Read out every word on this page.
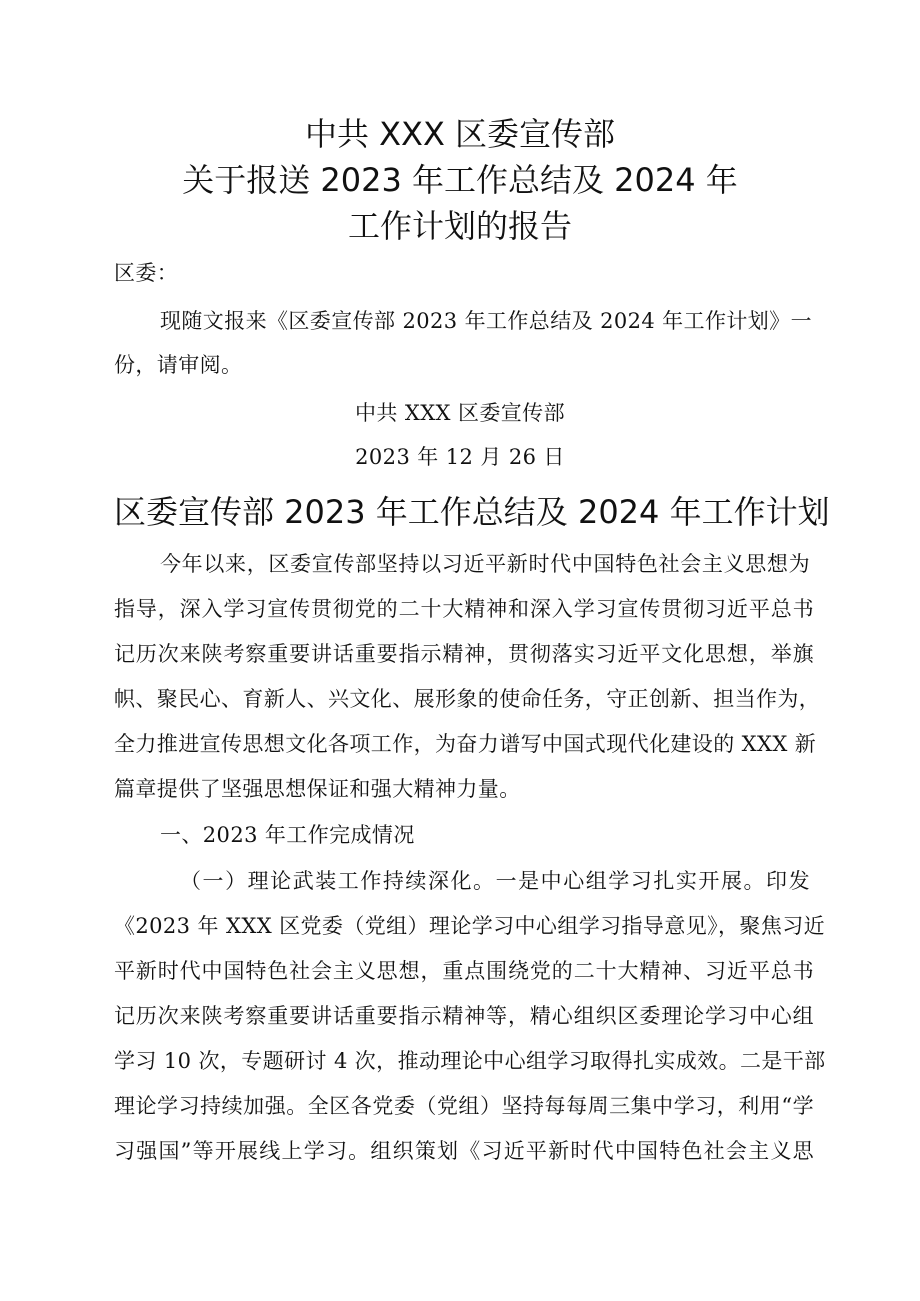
中共 XXX 区委宣传部
关于报送 2023 年工作总结及 2024 年
工作计划的报告
区委：
现随文报来《区委宣传部 2023 年工作总结及 2024 年工作计划》一
份，请审阅。
中共 XXX 区委宣传部
2023 年 12 月 26 日
区委宣传部 2023 年工作总结及 2024 年工作计划
今年以来，区委宣传部坚持以习近平新时代中国特色社会主义思想为
指导，深入学习宣传贯彻党的二十大精神和深入学习宣传贯彻习近平总书
记历次来陕考察重要讲话重要指示精神，贯彻落实习近平文化思想，举旗
帜、聚民心、育新人、兴文化、展形象的使命任务，守正创新、担当作为，
全力推进宣传思想文化各项工作，为奋力谱写中国式现代化建设的 XXX 新
篇章提供了坚强思想保证和强大精神力量。
一、2023 年工作完成情况
（一）理论武装工作持续深化。一是中心组学习扎实开展。印发
《2023 年 XXX 区党委（党组）理论学习中心组学习指导意见》，聚焦习近
平新时代中国特色社会主义思想，重点围绕党的二十大精神、习近平总书
记历次来陕考察重要讲话重要指示精神等，精心组织区委理论学习中心组
学习 10 次，专题研讨 4 次，推动理论中心组学习取得扎实成效。二是干部
理论学习持续加强。全区各党委（党组）坚持每每周三集中学习，利用“学
习强国”等开展线上学习。组织策划《习近平新时代中国特色社会主义思
